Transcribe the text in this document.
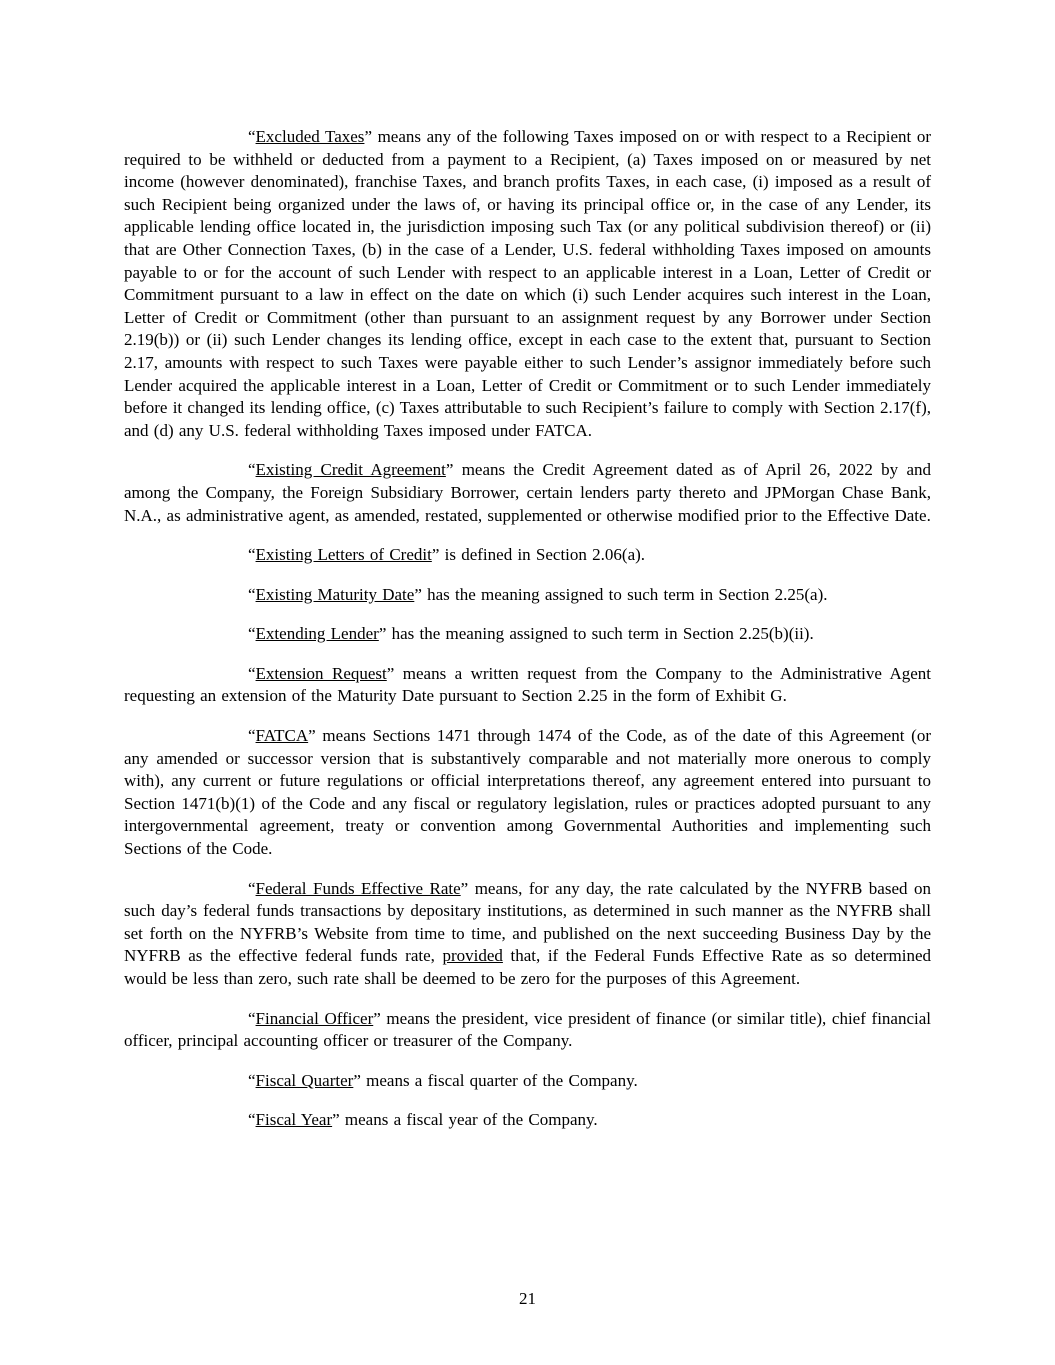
“Excluded Taxes” means any of the following Taxes imposed on or with respect to a Recipient or required to be withheld or deducted from a payment to a Recipient, (a) Taxes imposed on or measured by net income (however denominated), franchise Taxes, and branch profits Taxes, in each case, (i) imposed as a result of such Recipient being organized under the laws of, or having its principal office or, in the case of any Lender, its applicable lending office located in, the jurisdiction imposing such Tax (or any political subdivision thereof) or (ii) that are Other Connection Taxes, (b) in the case of a Lender, U.S. federal withholding Taxes imposed on amounts payable to or for the account of such Lender with respect to an applicable interest in a Loan, Letter of Credit or Commitment pursuant to a law in effect on the date on which (i) such Lender acquires such interest in the Loan, Letter of Credit or Commitment (other than pursuant to an assignment request by any Borrower under Section 2.19(b)) or (ii) such Lender changes its lending office, except in each case to the extent that, pursuant to Section 2.17, amounts with respect to such Taxes were payable either to such Lender’s assignor immediately before such Lender acquired the applicable interest in a Loan, Letter of Credit or Commitment or to such Lender immediately before it changed its lending office, (c) Taxes attributable to such Recipient’s failure to comply with Section 2.17(f), and (d) any U.S. federal withholding Taxes imposed under FATCA.

“Existing Credit Agreement” means the Credit Agreement dated as of April 26, 2022 by and among the Company, the Foreign Subsidiary Borrower, certain lenders party thereto and JPMorgan Chase Bank, N.A., as administrative agent, as amended, restated, supplemented or otherwise modified prior to the Effective Date.

“Existing Letters of Credit” is defined in Section 2.06(a).

“Existing Maturity Date” has the meaning assigned to such term in Section 2.25(a).

“Extending Lender” has the meaning assigned to such term in Section 2.25(b)(ii).

“Extension Request” means a written request from the Company to the Administrative Agent requesting an extension of the Maturity Date pursuant to Section 2.25 in the form of Exhibit G.

“FATCA” means Sections 1471 through 1474 of the Code, as of the date of this Agreement (or any amended or successor version that is substantively comparable and not materially more onerous to comply with), any current or future regulations or official interpretations thereof, any agreement entered into pursuant to Section 1471(b)(1) of the Code and any fiscal or regulatory legislation, rules or practices adopted pursuant to any intergovernmental agreement, treaty or convention among Governmental Authorities and implementing such Sections of the Code.

“Federal Funds Effective Rate” means, for any day, the rate calculated by the NYFRB based on such day’s federal funds transactions by depositary institutions, as determined in such manner as the NYFRB shall set forth on the NYFRB’s Website from time to time, and published on the next succeeding Business Day by the NYFRB as the effective federal funds rate, provided that, if the Federal Funds Effective Rate as so determined would be less than zero, such rate shall be deemed to be zero for the purposes of this Agreement.

“Financial Officer” means the president, vice president of finance (or similar title), chief financial officer, principal accounting officer or treasurer of the Company.

“Fiscal Quarter” means a fiscal quarter of the Company.

“Fiscal Year” means a fiscal year of the Company.

21
